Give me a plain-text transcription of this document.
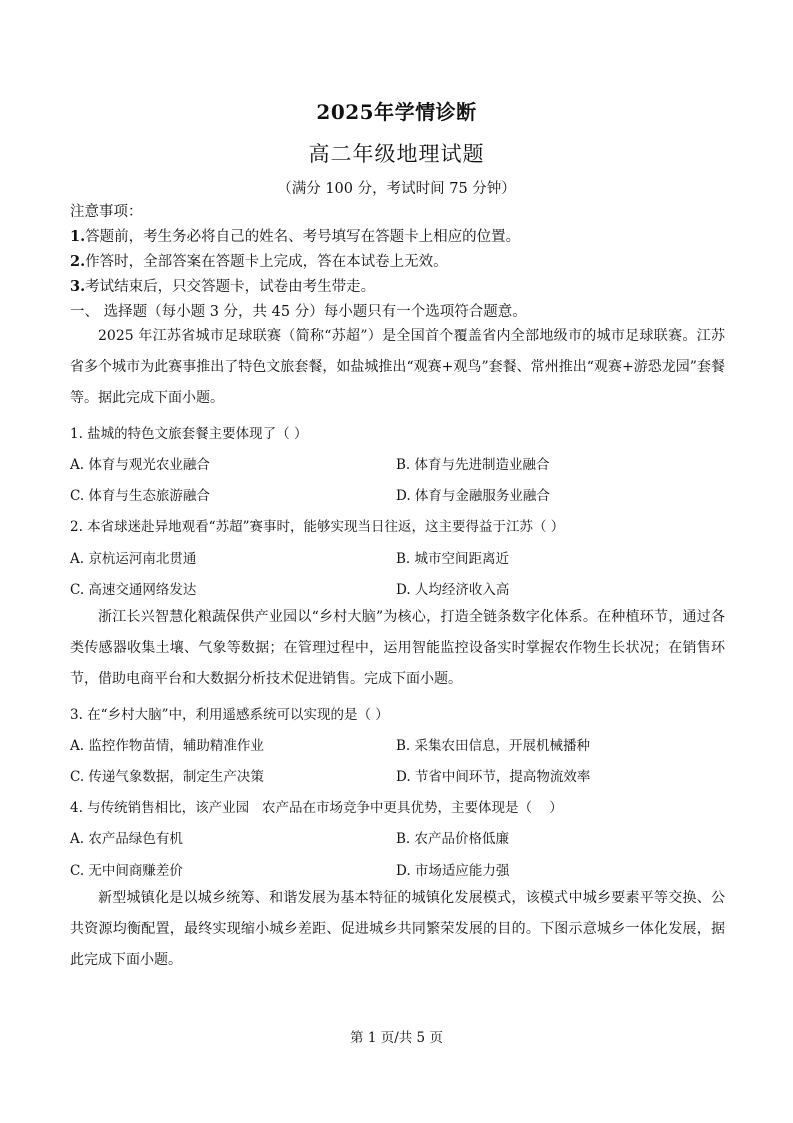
2025年学情诊断
高二年级地理试题
（满分 100 分，考试时间 75 分钟）
注意事项：
1.答题前，考生务必将自己的姓名、考号填写在答题卡上相应的位置。
2.作答时，全部答案在答题卡上完成，答在本试卷上无效。
3.考试结束后，只交答题卡，试卷由考生带走。
一、 选择题（每小题 3 分，共 45 分）每小题只有一个选项符合题意。
2025 年江苏省城市足球联赛（简称“苏超”）是全国首个覆盖省内全部地级市的城市足球联赛。江苏省多个城市为此赛事推出了特色文旅套餐，如盐城推出“观赛+观鸟”套餐、常州推出“观赛+游恐龙园”套餐等。据此完成下面小题。
1. 盐城的特色文旅套餐主要体现了（ ）
A. 体育与观光农业融合	B. 体育与先进制造业融合
C. 体育与生态旅游融合	D. 体育与金融服务业融合
2. 本省球迷赴异地观看“苏超”赛事时，能够实现当日往返，这主要得益于江苏（ ）
A. 京杭运河南北贯通	B. 城市空间距离近
C. 高速交通网络发达	D. 人均经济收入高
浙江长兴智慧化粮蔬保供产业园以“乡村大脑”为核心，打造全链条数字化体系。在种植环节，通过各类传感器收集土壤、气象等数据；在管理过程中，运用智能监控设备实时掌握农作物生长状况；在销售环节，借助电商平台和大数据分析技术促进销售。完成下面小题。
3. 在“乡村大脑”中，利用遥感系统可以实现的是（ ）
A. 监控作物苗情，辅助精准作业	B. 采集农田信息，开展机械播种
C. 传递气象数据，制定生产决策	D. 节省中间环节，提高物流效率
4. 与传统销售相比，该产业园   农产品在市场竞争中更具优势，主要体现是（    ）
A. 农产品绿色有机	B. 农产品价格低廉
C. 无中间商赚差价	D. 市场适应能力强
新型城镇化是以城乡统筹、和谐发展为基本特征的城镇化发展模式，该模式中城乡要素平等交换、公共资源均衡配置，最终实现缩小城乡差距、促进城乡共同繁荣发展的目的。下图示意城乡一体化发展，据此完成下面小题。
第 1 页/共 5 页
